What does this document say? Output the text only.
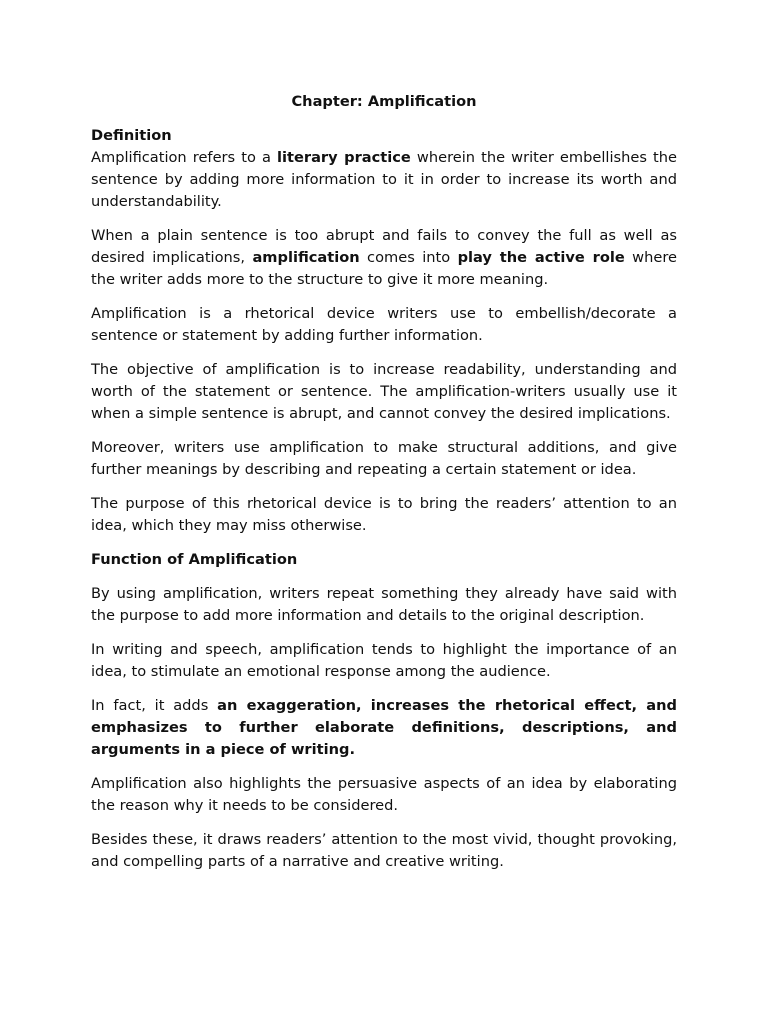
Chapter: Amplification
Definition

Amplification refers to a literary practice wherein the writer embellishes the sentence by adding more information to it in order to increase its worth and understandability.

When a plain sentence is too abrupt and fails to convey the full as well as desired implications, amplification comes into play the active role where the writer adds more to the structure to give it more meaning.

Amplification is a rhetorical device writers use to embellish/decorate a sentence or statement by adding further information.

The objective of amplification is to increase readability, understanding and worth of the statement or sentence. The amplification-writers usually use it when a simple sentence is abrupt, and cannot convey the desired implications.

Moreover, writers use amplification to make structural additions, and give further meanings by describing and repeating a certain statement or idea.

The purpose of this rhetorical device is to bring the readers’ attention to an idea, which they may miss otherwise.

Function of Amplification

By using amplification, writers repeat something they already have said with the purpose to add more information and details to the original description.

In writing and speech, amplification tends to highlight the importance of an idea, to stimulate an emotional response among the audience.

In fact, it adds an exaggeration, increases the rhetorical effect, and emphasizes to further elaborate definitions, descriptions, and arguments in a piece of writing.

Amplification also highlights the persuasive aspects of an idea by elaborating the reason why it needs to be considered.

Besides these, it draws readers’ attention to the most vivid, thought provoking, and compelling parts of a narrative and creative writing.
